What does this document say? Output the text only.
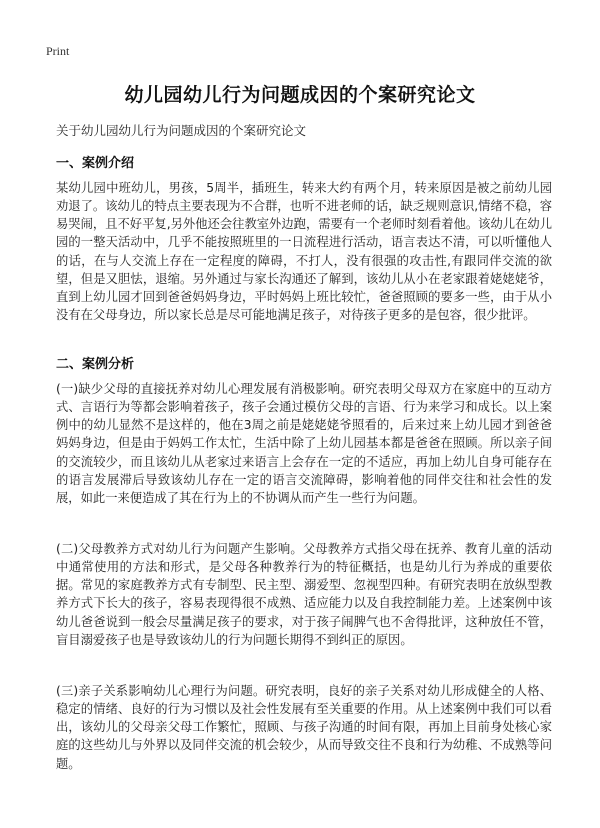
Print
幼儿园幼儿行为问题成因的个案研究论文
关于幼儿园幼儿行为问题成因的个案研究论文
一、案例介绍

某幼儿园中班幼儿，男孩，5周半，插班生，转来大约有两个月，转来原因是被之前幼儿园劝退了。该幼儿的特点主要表现为不合群，也听不进老师的话，缺乏规则意识,情绪不稳，容易哭闹，且不好平复,另外他还会往教室外边跑，需要有一个老师时刻看着他。该幼儿在幼儿园的一整天活动中，几乎不能按照班里的一日流程进行活动，语言表达不清，可以听懂他人的话，在与人交流上存在一定程度的障碍，不打人，没有很强的攻击性,有跟同伴交流的欲望，但是又胆怯，退缩。另外通过与家长沟通还了解到，该幼儿从小在老家跟着姥姥姥爷，直到上幼儿园才回到爸爸妈妈身边，平时妈妈上班比较忙，爸爸照顾的要多一些，由于从小没有在父母身边，所以家长总是尽可能地满足孩子，对待孩子更多的是包容，很少批评。

二、案例分析

(一)缺少父母的直接抚养对幼儿心理发展有消极影响。研究表明父母双方在家庭中的互动方式、言语行为等都会影响着孩子，孩子会通过模仿父母的言语、行为来学习和成长。以上案例中的幼儿显然不是这样的，他在3周之前是姥姥姥爷照看的，后来过来上幼儿园才到爸爸妈妈身边，但是由于妈妈工作太忙，生活中除了上幼儿园基本都是爸爸在照顾。所以亲子间的交流较少，而且该幼儿从老家过来语言上会存在一定的不适应，再加上幼儿自身可能存在的语言发展滞后导致该幼儿存在一定的语言交流障碍，影响着他的同伴交往和社会性的发展，如此一来便造成了其在行为上的不协调从而产生一些行为问题。

(二)父母教养方式对幼儿行为问题产生影响。父母教养方式指父母在抚养、教育儿童的活动中通常使用的方法和形式，是父母各种教养行为的特征概括，也是幼儿行为养成的重要依据。常见的家庭教养方式有专制型、民主型、溺爱型、忽视型四种。有研究表明在放纵型教养方式下长大的孩子，容易表现得很不成熟、适应能力以及自我控制能力差。上述案例中该幼儿爸爸说到一般会尽量满足孩子的要求，对于孩子闹脾气也不舍得批评，这种放任不管，盲目溺爱孩子也是导致该幼儿的行为问题长期得不到纠正的原因。

(三)亲子关系影响幼儿心理行为问题。研究表明，良好的亲子关系对幼儿形成健全的人格、稳定的情绪、良好的行为习惯以及社会性发展有至关重要的作用。从上述案例中我们可以看出，该幼儿的父母亲父母工作繁忙，照顾、与孩子沟通的时间有限，再加上目前身处核心家庭的这些幼儿与外界以及同伴交流的机会较少，从而导致交往不良和行为幼稚、不成熟等问题。
